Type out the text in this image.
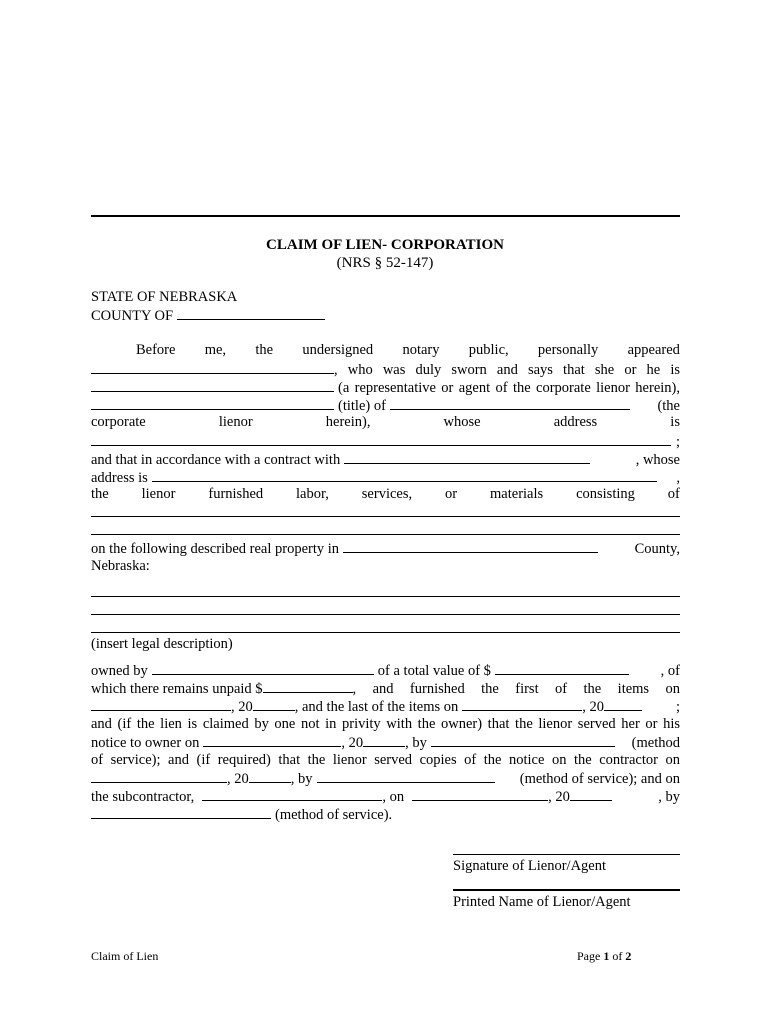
CLAIM OF LIEN- CORPORATION
(NRS § 52-147)
STATE OF NEBRASKA
COUNTY OF
Before me, the undersigned notary public, personally appeared
, who was duly sworn and says that she or he is
(a representative or agent of the corporate lienor herein),
(title) of	(the
corporate	lienor	herein),	whose	address	is
;
and that in accordance with a contract with	, whose
address is	,
the lienor furnished labor, services, or materials consisting of
on the following described real property in	County,
Nebraska:
(insert legal description)
owned by	of a total value of $	, of
which there remains unpaid $	, and furnished the first of the items on
, 20	, and the last of the items on	, 20	;
and (if the lien is claimed by one not in privity with the owner) that the lienor served her or his
notice to owner on	, 20	, by	(method
of service); and (if required) that the lienor served copies of the notice on the contractor on
, 20	, by	(method of service); and on
the subcontractor,	, on	, 20	, by
(method of service).
Signature of Lienor/Agent
Printed Name of Lienor/Agent
Claim of Lien	Page 1 of 2
